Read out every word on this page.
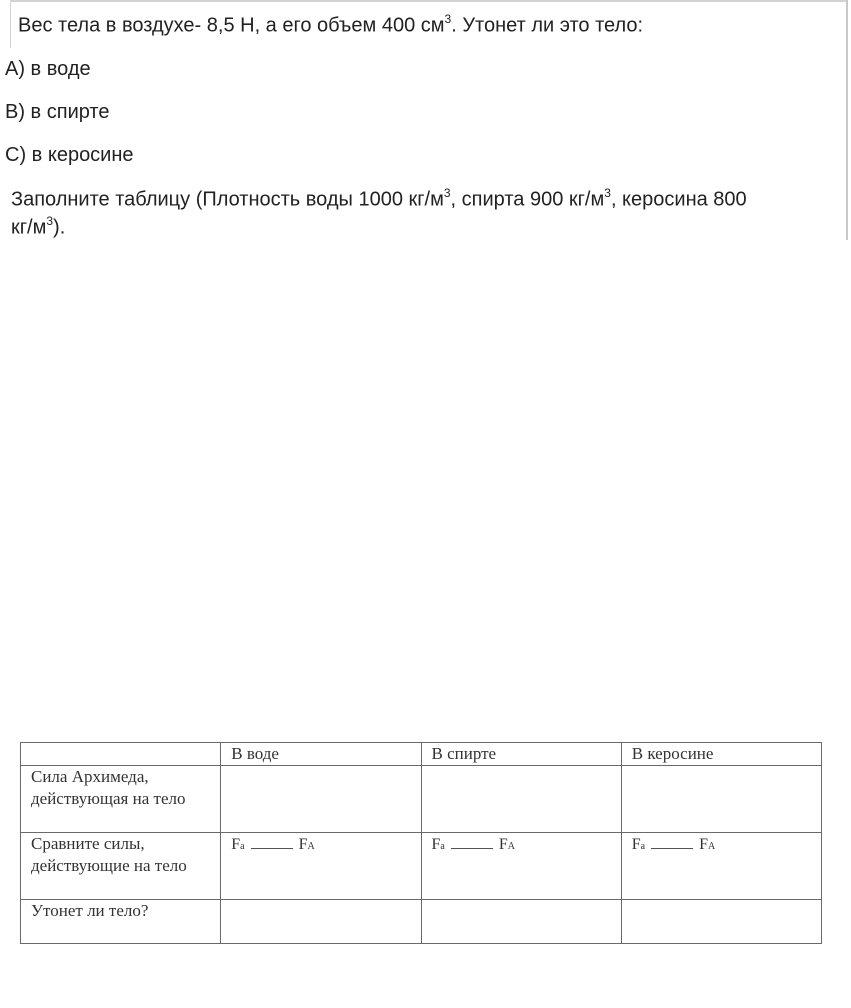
Вес тела в воздухе- 8,5 Н, а его объем 400 $см^3$. Утонет ли это тело:
А) в воде
В) в спирте
С) в керосине
Заполните таблицу (Плотность воды 1000 $кг/м^3$, спирта 900 $кг/м^3$, керосина 800
$кг/м^3$).
	В воде	В спирте	В керосине
Сила Архимеда, действующая на тело			
Сравните силы, действующие на тело	Fa FA	Fa FA	Fa FA

Утонет ли тело?			
